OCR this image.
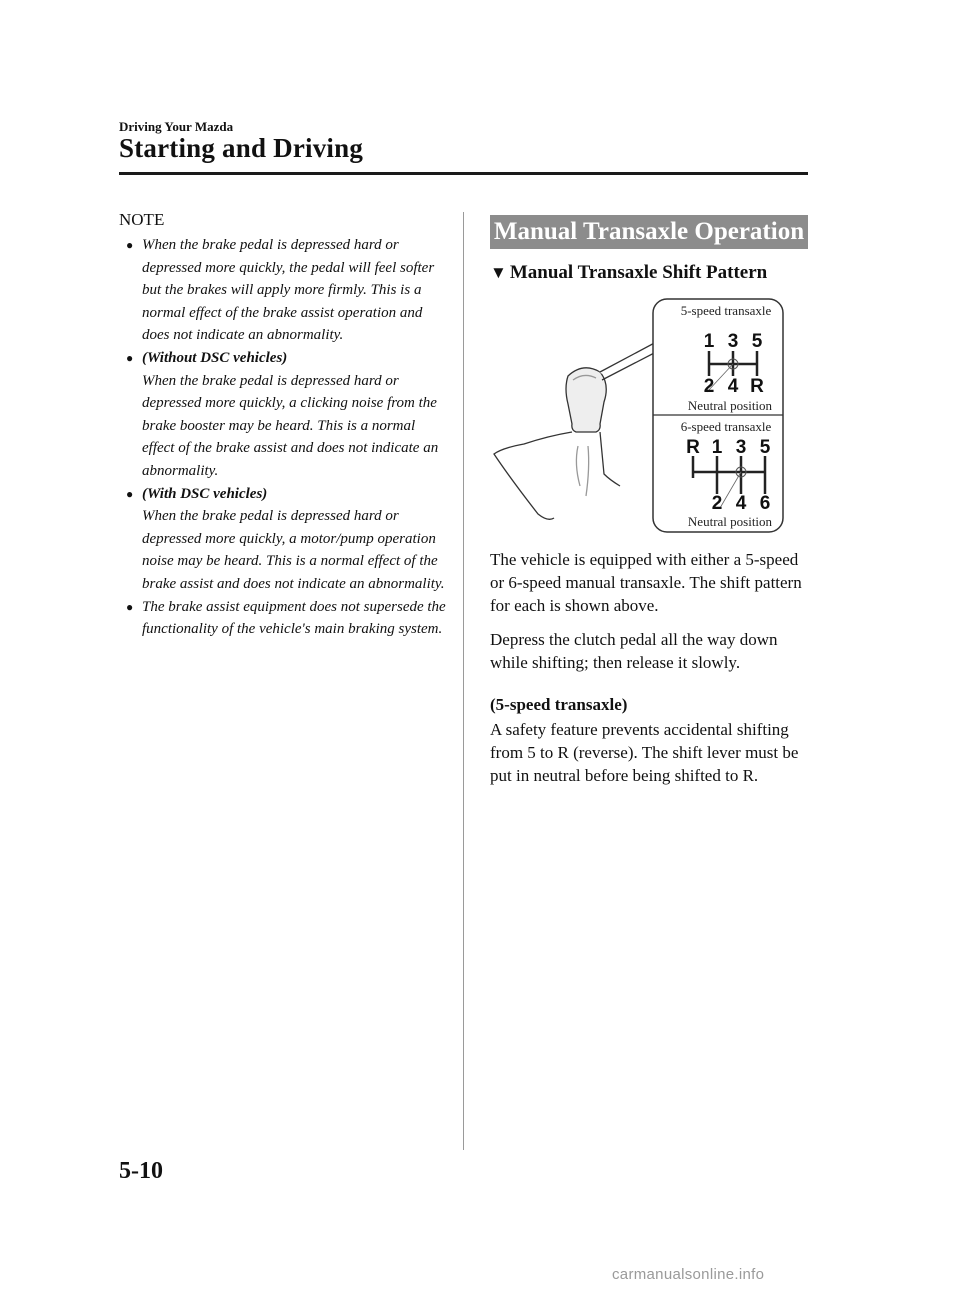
Driving Your Mazda
Starting and Driving
NOTE
● When the brake pedal is depressed hard or depressed more quickly, the pedal will feel softer but the brakes will apply more firmly. This is a normal effect of the brake assist operation and does not indicate an abnormality.
● (Without DSC vehicles)
When the brake pedal is depressed hard or depressed more quickly, a clicking noise from the brake booster may be heard. This is a normal effect of the brake assist and does not indicate an abnormality.
● (With DSC vehicles)
When the brake pedal is depressed hard or depressed more quickly, a motor/pump operation noise may be heard. This is a normal effect of the brake assist and does not indicate an abnormality.
● The brake assist equipment does not supersede the functionality of the vehicle's main braking system.
Manual Transaxle Operation
▼ Manual Transaxle Shift Pattern
5-speed transaxle
1 3 5
2 4 R
Neutral position
6-speed transaxle
R 1 3 5
2 4 6
Neutral position
The vehicle is equipped with either a 5-speed or 6-speed manual transaxle. The shift pattern for each is shown above.
Depress the clutch pedal all the way down while shifting; then release it slowly.
(5-speed transaxle)
A safety feature prevents accidental shifting from 5 to R (reverse). The shift lever must be put in neutral before being shifted to R.
5-10
carmanualsonline.info
